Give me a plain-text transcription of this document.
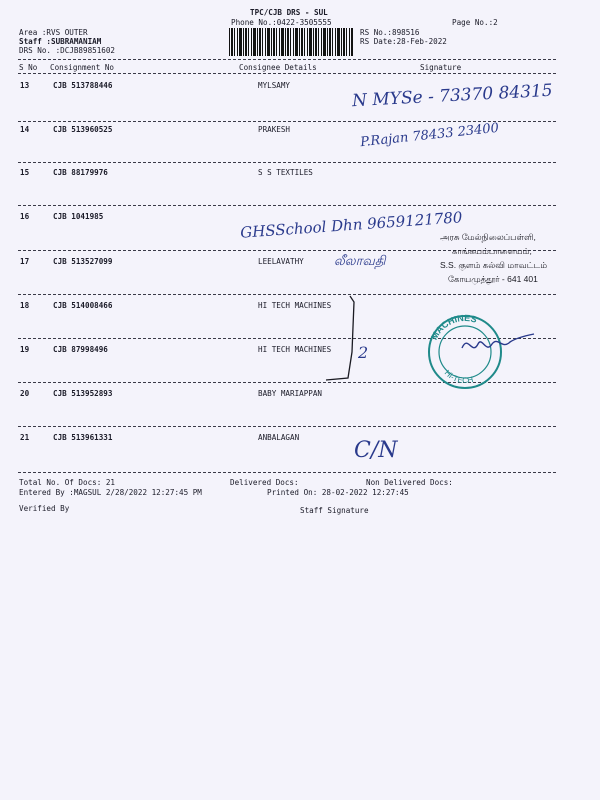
TPC/CJB DRS - SUL
Phone No.:0422-3505555	Page No.:2
Area :RVS OUTER
Staff :SUBRAMANIAM
DRS No. :DCJB89851602
RS No.:898516
RS Date:28-Feb-2022
S No Consignment No	Consignee Details	Signature
13	CJB 513788446	MYLSAMY
14	CJB 513960525	PRAKESH
15	CJB 88179976	S S TEXTILES
16	CJB 1041985
17	CJB 513527099	LEELAVATHY
18	CJB 514008466	HI TECH MACHINES
19	CJB 87998496	HI TECH MACHINES
20	CJB 513952893	BABY MARIAPPAN
21	CJB 513961331	ANBALAGAN
N MYSe - 73370 84315
P.Rajan 78433 23400
GHSSchool Dhn 9659121780
லீலாவதி
2
C/N
அரசு மேல்நிலைப்பள்ளி,
காங்கயம்பாளையம்,
S.S. குளம் கல்வி மாவட்டம்
கோயமுத்தூர் - 641 401
MACHINES
HI-TECH
Total No. Of Docs: 21	Delivered Docs:	Non Delivered Docs:
Entered By :MAGSUL 2/28/2022 12:27:45 PM	Printed On: 28-02-2022 12:27:45
Verified By	Staff Signature
